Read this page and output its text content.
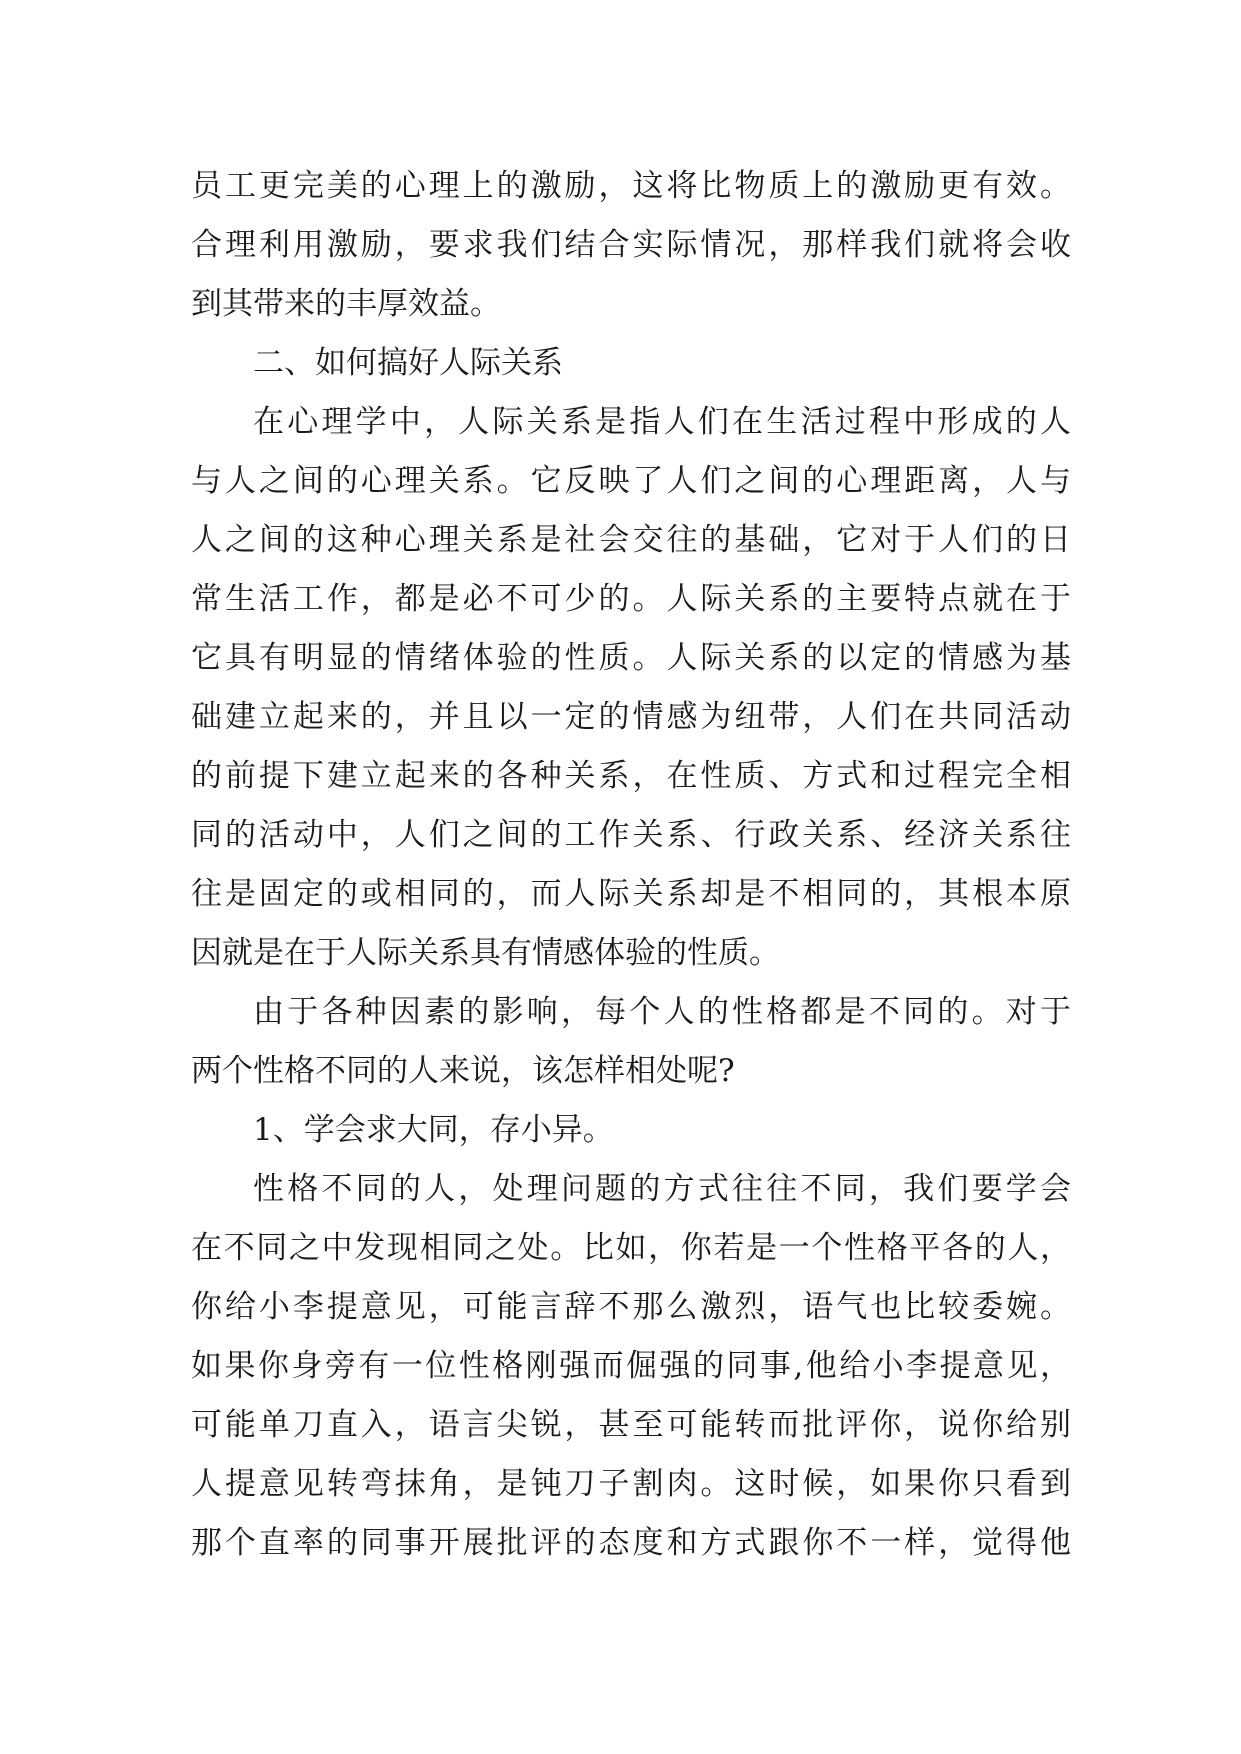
员工更完美的心理上的激励，这将比物质上的激励更有效。
合理利用激励，要求我们结合实际情况，那样我们就将会收
到其带来的丰厚效益。
二、如何搞好人际关系
在心理学中，人际关系是指人们在生活过程中形成的人
与人之间的心理关系。它反映了人们之间的心理距离，人与
人之间的这种心理关系是社会交往的基础，它对于人们的日
常生活工作，都是必不可少的。人际关系的主要特点就在于
它具有明显的情绪体验的性质。人际关系的以定的情感为基
础建立起来的，并且以一定的情感为纽带，人们在共同活动
的前提下建立起来的各种关系，在性质、方式和过程完全相
同的活动中，人们之间的工作关系、行政关系、经济关系往
往是固定的或相同的，而人际关系却是不相同的，其根本原
因就是在于人际关系具有情感体验的性质。
由于各种因素的影响，每个人的性格都是不同的。对于
两个性格不同的人来说，该怎样相处呢?
1、学会求大同，存小异。
性格不同的人，处理问题的方式往往不同，我们要学会
在不同之中发现相同之处。比如，你若是一个性格平各的人，
你给小李提意见，可能言辞不那么激烈，语气也比较委婉。
如果你身旁有一位性格刚强而倔强的同事,他给小李提意见，
可能单刀直入，语言尖锐，甚至可能转而批评你，说你给别
人提意见转弯抹角，是钝刀子割肉。这时候，如果你只看到
那个直率的同事开展批评的态度和方式跟你不一样，觉得他
